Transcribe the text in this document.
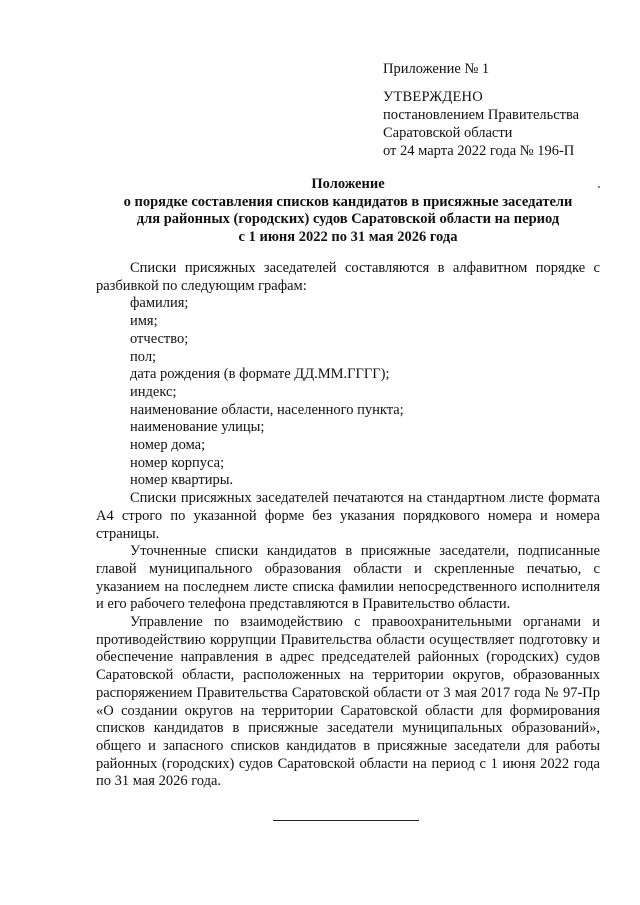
Приложение № 1
УТВЕРЖДЕНО
постановлением Правительства
Саратовской области
от 24 марта 2022 года № 196-П
Положение
о порядке составления списков кандидатов в присяжные заседатели
для районных (городских) судов Саратовской области на период
с 1 июня 2022 по 31 мая 2026 года

Списки присяжных заседателей составляются в алфавитном порядке с разбивкой по следующим графам:

фамилия;
имя;
отчество;
пол;
дата рождения (в формате ДД.ММ.ГГГГ);
индекс;
наименование области, населенного пункта;
наименование улицы;
номер дома;
номер корпуса;
номер квартиры.

Списки присяжных заседателей печатаются на стандартном листе формата А4 строго по указанной форме без указания порядкового номера и номера страницы.

Уточненные списки кандидатов в присяжные заседатели, подписанные главой муниципального образования области и скрепленные печатью, с указанием на последнем листе списка фамилии непосредственного исполнителя и его рабочего телефона представляются в Правительство области.

Управление по взаимодействию с правоохранительными органами и противодействию коррупции Правительства области осуществляет подготовку и обеспечение направления в адрес председателей районных (городских) судов Саратовской области, расположенных на территории округов, образованных распоряжением Правительства Саратовской области от 3 мая 2017 года № 97-Пр «О создании округов на территории Саратовской области для формирования списков кандидатов в присяжные заседатели муниципальных образований», общего и запасного списков кандидатов в присяжные заседатели для работы районных (городских) судов Саратовской области на период с 1 июня 2022 года по 31 мая 2026 года.
